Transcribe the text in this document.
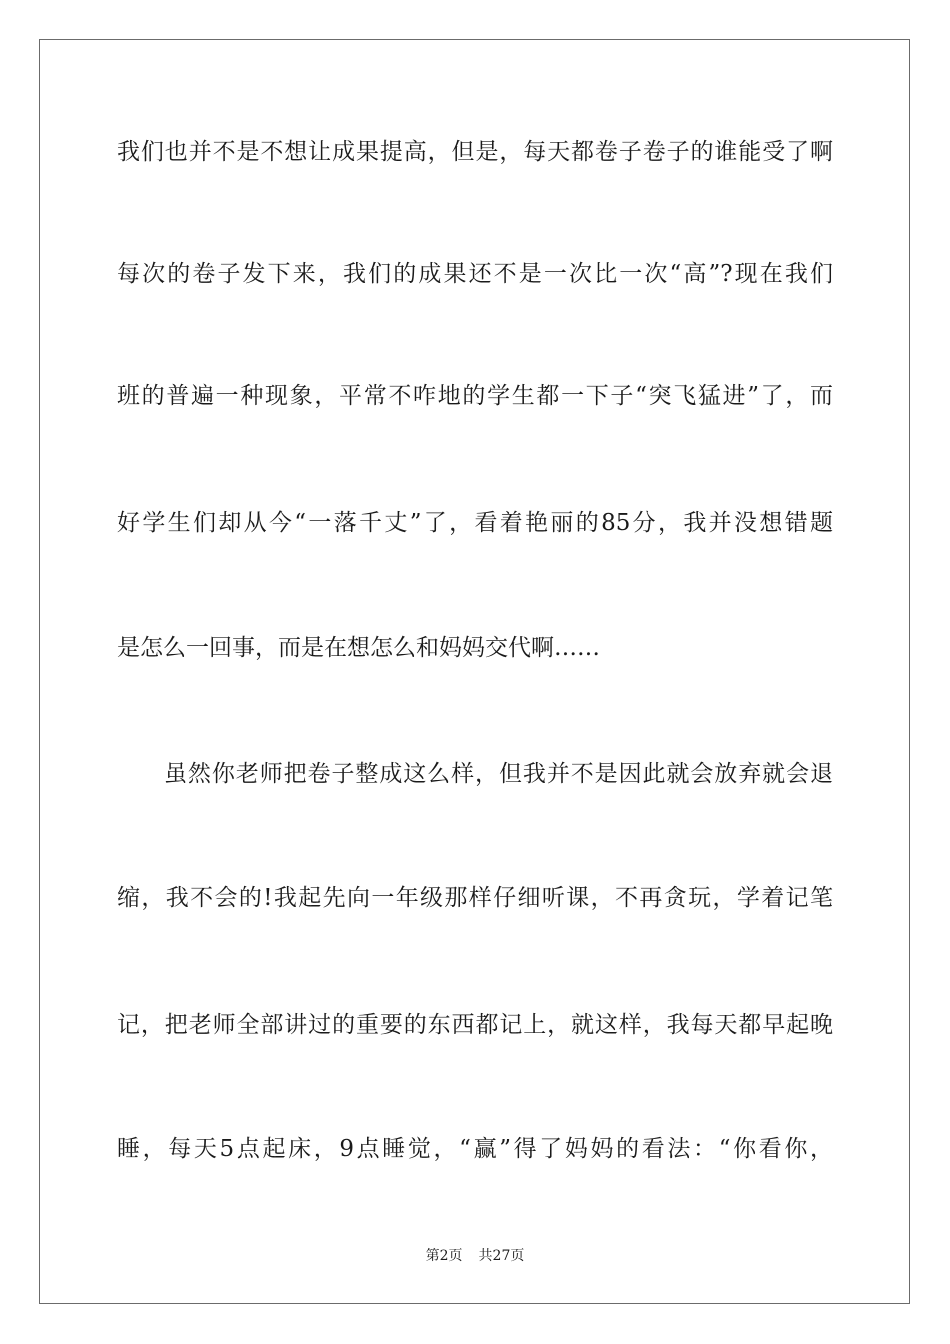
我们也并不是不想让成果提高，但是，每天都卷子卷子的谁能受了啊

每次的卷子发下来，我们的成果还不是一次比一次“高”?现在我们

班的普遍一种现象，平常不咋地的学生都一下子“突飞猛进”了，而

好学生们却从今“一落千丈”了，看着艳丽的85分，我并没想错题

是怎么一回事，而是在想怎么和妈妈交代啊……

虽然你老师把卷子整成这么样，但我并不是因此就会放弃就会退

缩，我不会的!我起先向一年级那样仔细听课，不再贪玩，学着记笔

记，把老师全部讲过的重要的东西都记上，就这样，我每天都早起晚

睡，每天5点起床，9点睡觉，“赢”得了妈妈的看法：“你看你，

第2页 共27页
